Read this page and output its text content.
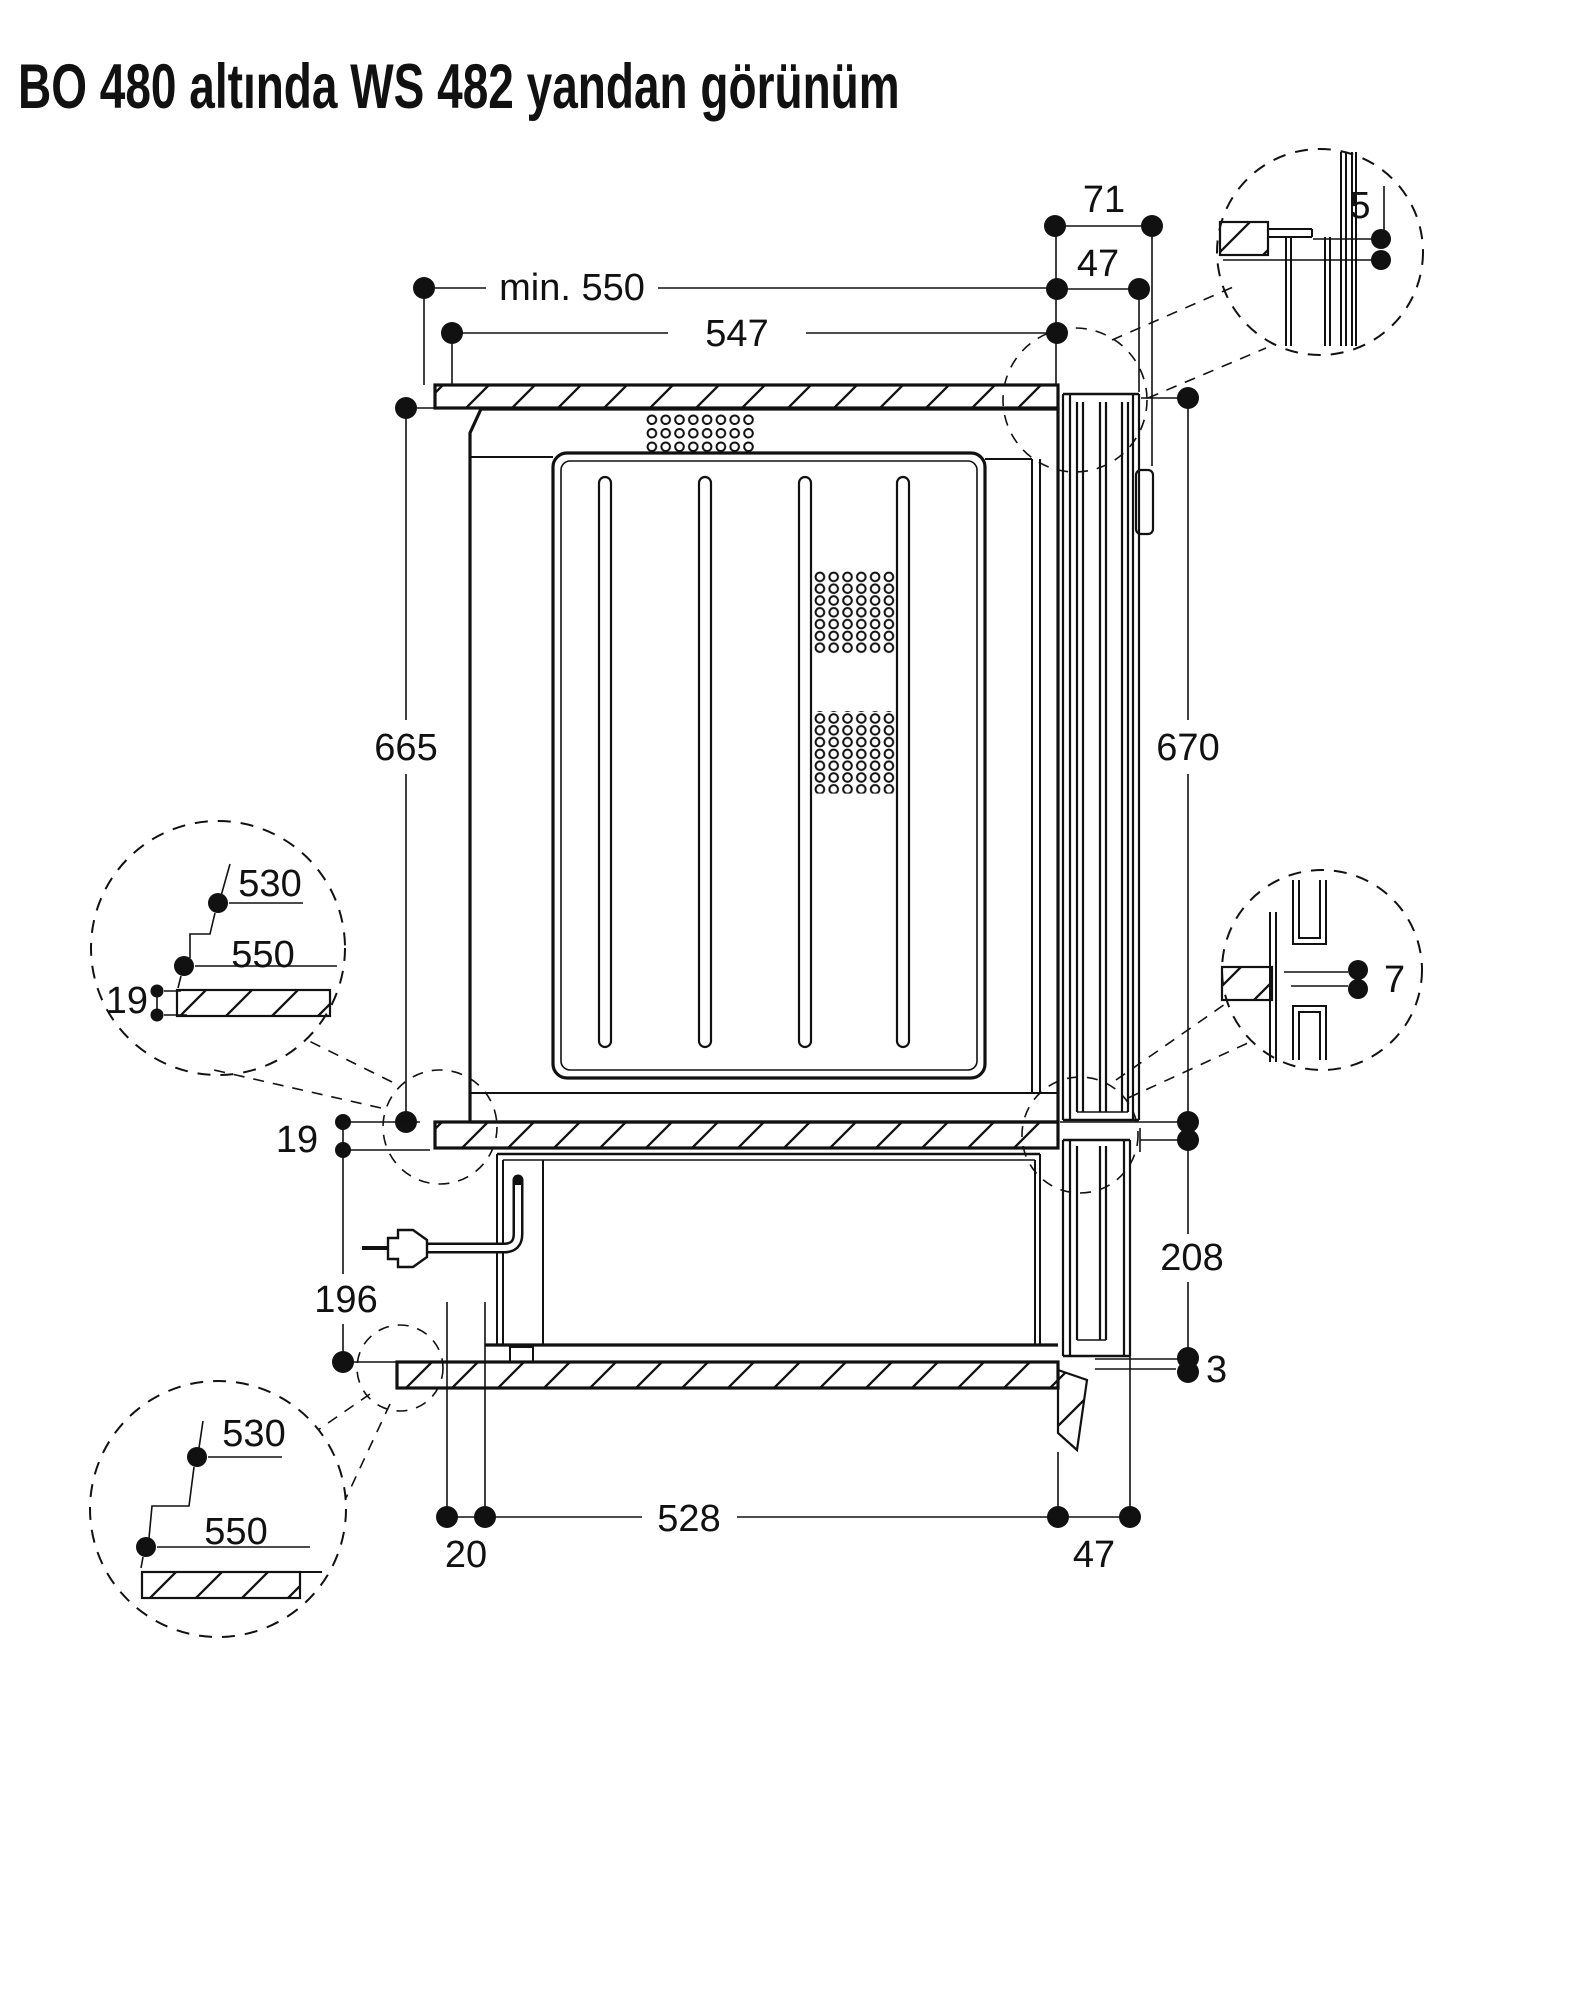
BO 480 altında WS 482 yandan görünüm
71
47
min. 550
547
665	670
19
196
208
3
528
20	47
5
7
530
550
19
530
550
